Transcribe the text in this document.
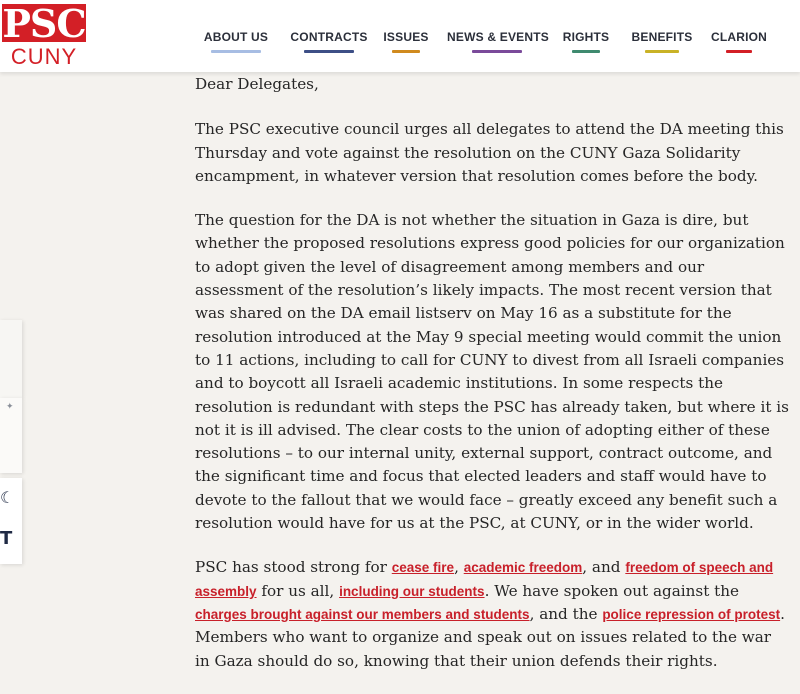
PSC
CUNY
ABOUT US	CONTRACTS ISSUES NEWS & EVENTS	RIGHTS	BENEFITS	CLARION
✦
☾
T

Dear Delegates,

The PSC executive council urges all delegates to attend the DA meeting this Thursday and vote against the resolution on the CUNY Gaza Solidarity encampment, in whatever version that resolution comes before the body.

The question for the DA is not whether the situation in Gaza is dire, but whether the proposed resolutions express good policies for our organization to adopt given the level of disagreement among members and our assessment of the resolution’s likely impacts. The most recent version that was shared on the DA email listserv on May 16 as a substitute for the resolution introduced at the May 9 special meeting would commit the union to 11 actions, including to call for CUNY to divest from all Israeli companies and to boycott all Israeli academic institutions. In some respects the resolution is redundant with steps the PSC has already taken, but where it is not it is ill advised. The clear costs to the union of adopting either of these resolutions – to our internal unity, external support, contract outcome, and the significant time and focus that elected leaders and staff would have to devote to the fallout that we would face – greatly exceed any benefit such a resolution would have for us at the PSC, at CUNY, or in the wider world.

PSC has stood strong for cease fire, academic freedom, and freedom of speech and assembly for us all, including our students. We have spoken out against the charges brought against our members and students, and the police repression of protest. Members who want to organize and speak out on issues related to the war in Gaza should do so, knowing that their union defends their rights.
